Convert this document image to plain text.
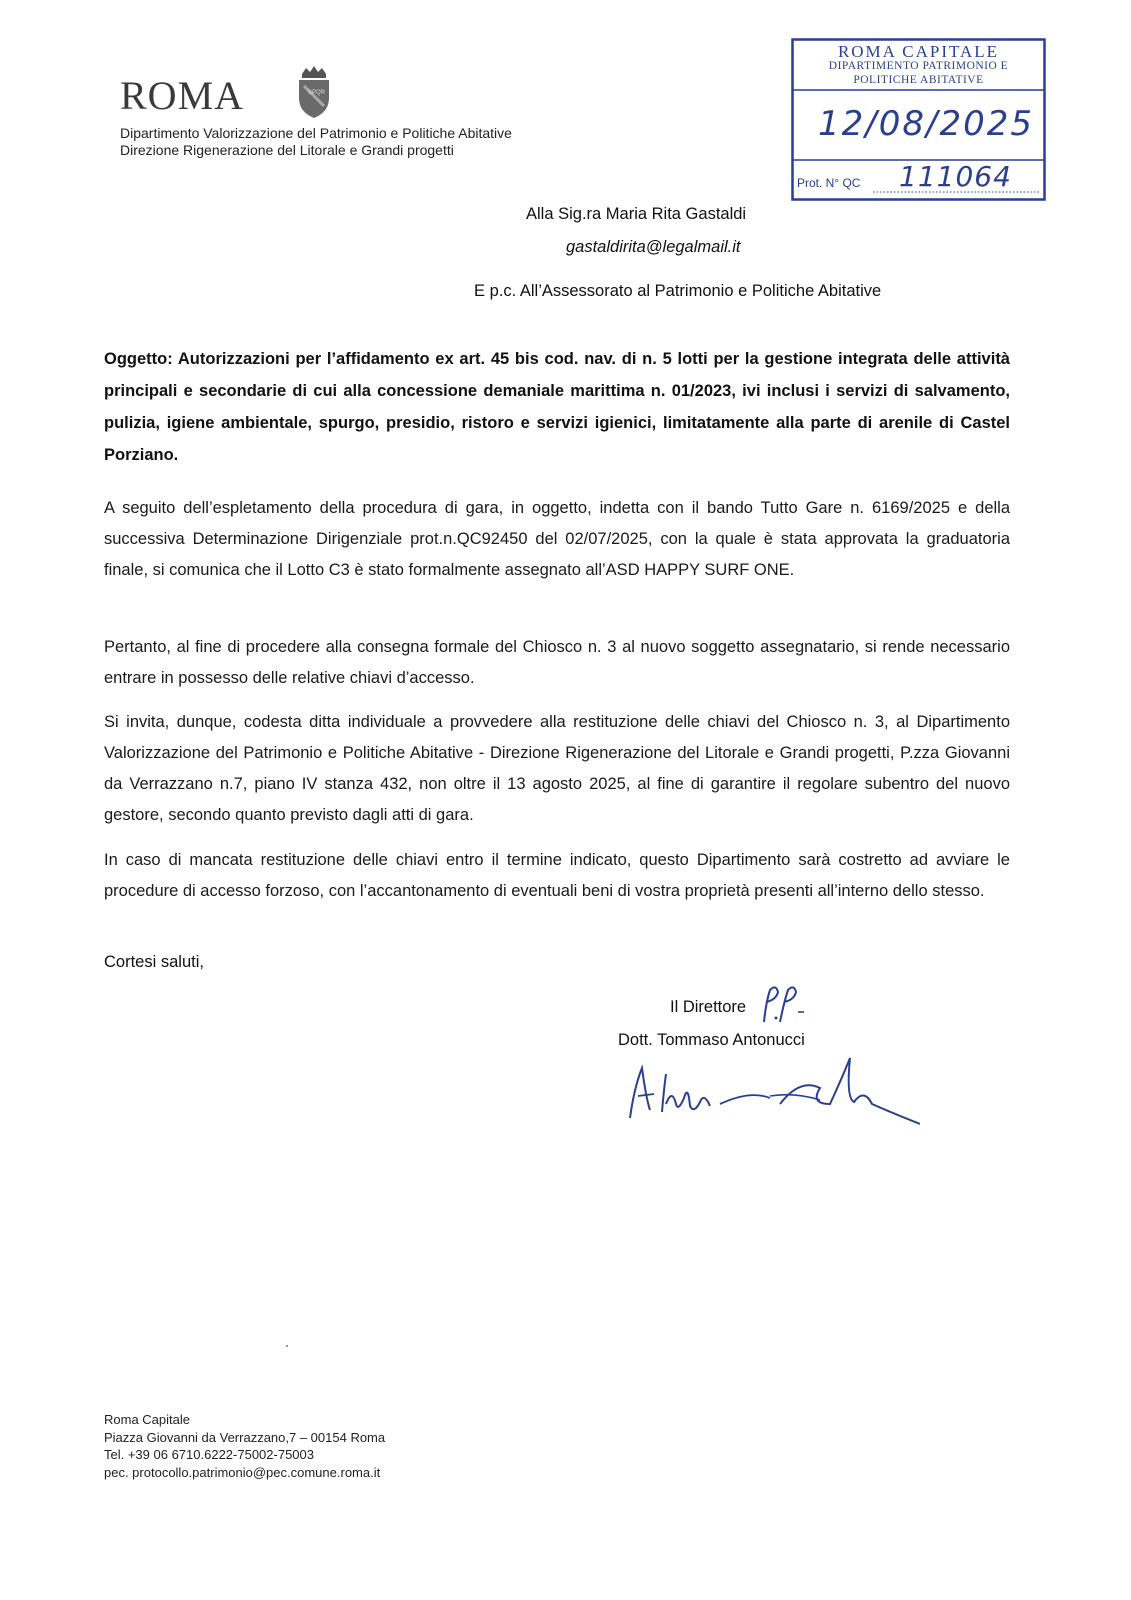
ROMA	SPQR
Dipartimento Valorizzazione del Patrimonio e Politiche Abitative
Direzione Rigenerazione del Litorale e Grandi progetti
ROMA CAPITALE
DIPARTIMENTO PATRIMONIO E
POLITICHE ABITATIVE
12/08/2025
Prot. N° QC 111064
Alla Sig.ra Maria Rita Gastaldi
gastaldirita@legalmail.it
E p.c. All’Assessorato al Patrimonio e Politiche Abitative
Oggetto: Autorizzazioni per l’affidamento ex art. 45 bis cod. nav. di n. 5 lotti per la gestione integrata delle attività principali e secondarie di cui alla concessione demaniale marittima n. 01/2023, ivi inclusi i servizi di salvamento, pulizia, igiene ambientale, spurgo, presidio, ristoro e servizi igienici, limitatamente alla parte di arenile di Castel Porziano.
A seguito dell’espletamento della procedura di gara, in oggetto, indetta con il bando Tutto Gare n. 6169/2025 e della successiva Determinazione Dirigenziale prot.n.QC92450 del 02/07/2025, con la quale è stata approvata la graduatoria finale, si comunica che il Lotto C3 è stato formalmente assegnato all’ASD HAPPY SURF ONE.
Pertanto, al fine di procedere alla consegna formale del Chiosco n. 3 al nuovo soggetto assegnatario, si rende necessario entrare in possesso delle relative chiavi d’accesso.
Si invita, dunque, codesta ditta individuale a provvedere alla restituzione delle chiavi del Chiosco n. 3, al Dipartimento Valorizzazione del Patrimonio e Politiche Abitative - Direzione Rigenerazione del Litorale e Grandi progetti, P.zza Giovanni da Verrazzano n.7, piano IV stanza 432, non oltre il 13 agosto 2025, al fine di garantire il regolare subentro del nuovo gestore, secondo quanto previsto dagli atti di gara.
In caso di mancata restituzione delle chiavi entro il termine indicato, questo Dipartimento sarà costretto ad avviare le procedure di accesso forzoso, con l’accantonamento di eventuali beni di vostra proprietà presenti all’interno dello stesso.
Cortesi saluti,
Il Direttore
Dott. Tommaso Antonucci
Roma Capitale
Piazza Giovanni da Verrazzano,7 – 00154 Roma
Tel. +39 06 6710.6222-75002-75003
pec. protocollo.patrimonio@pec.comune.roma.it
